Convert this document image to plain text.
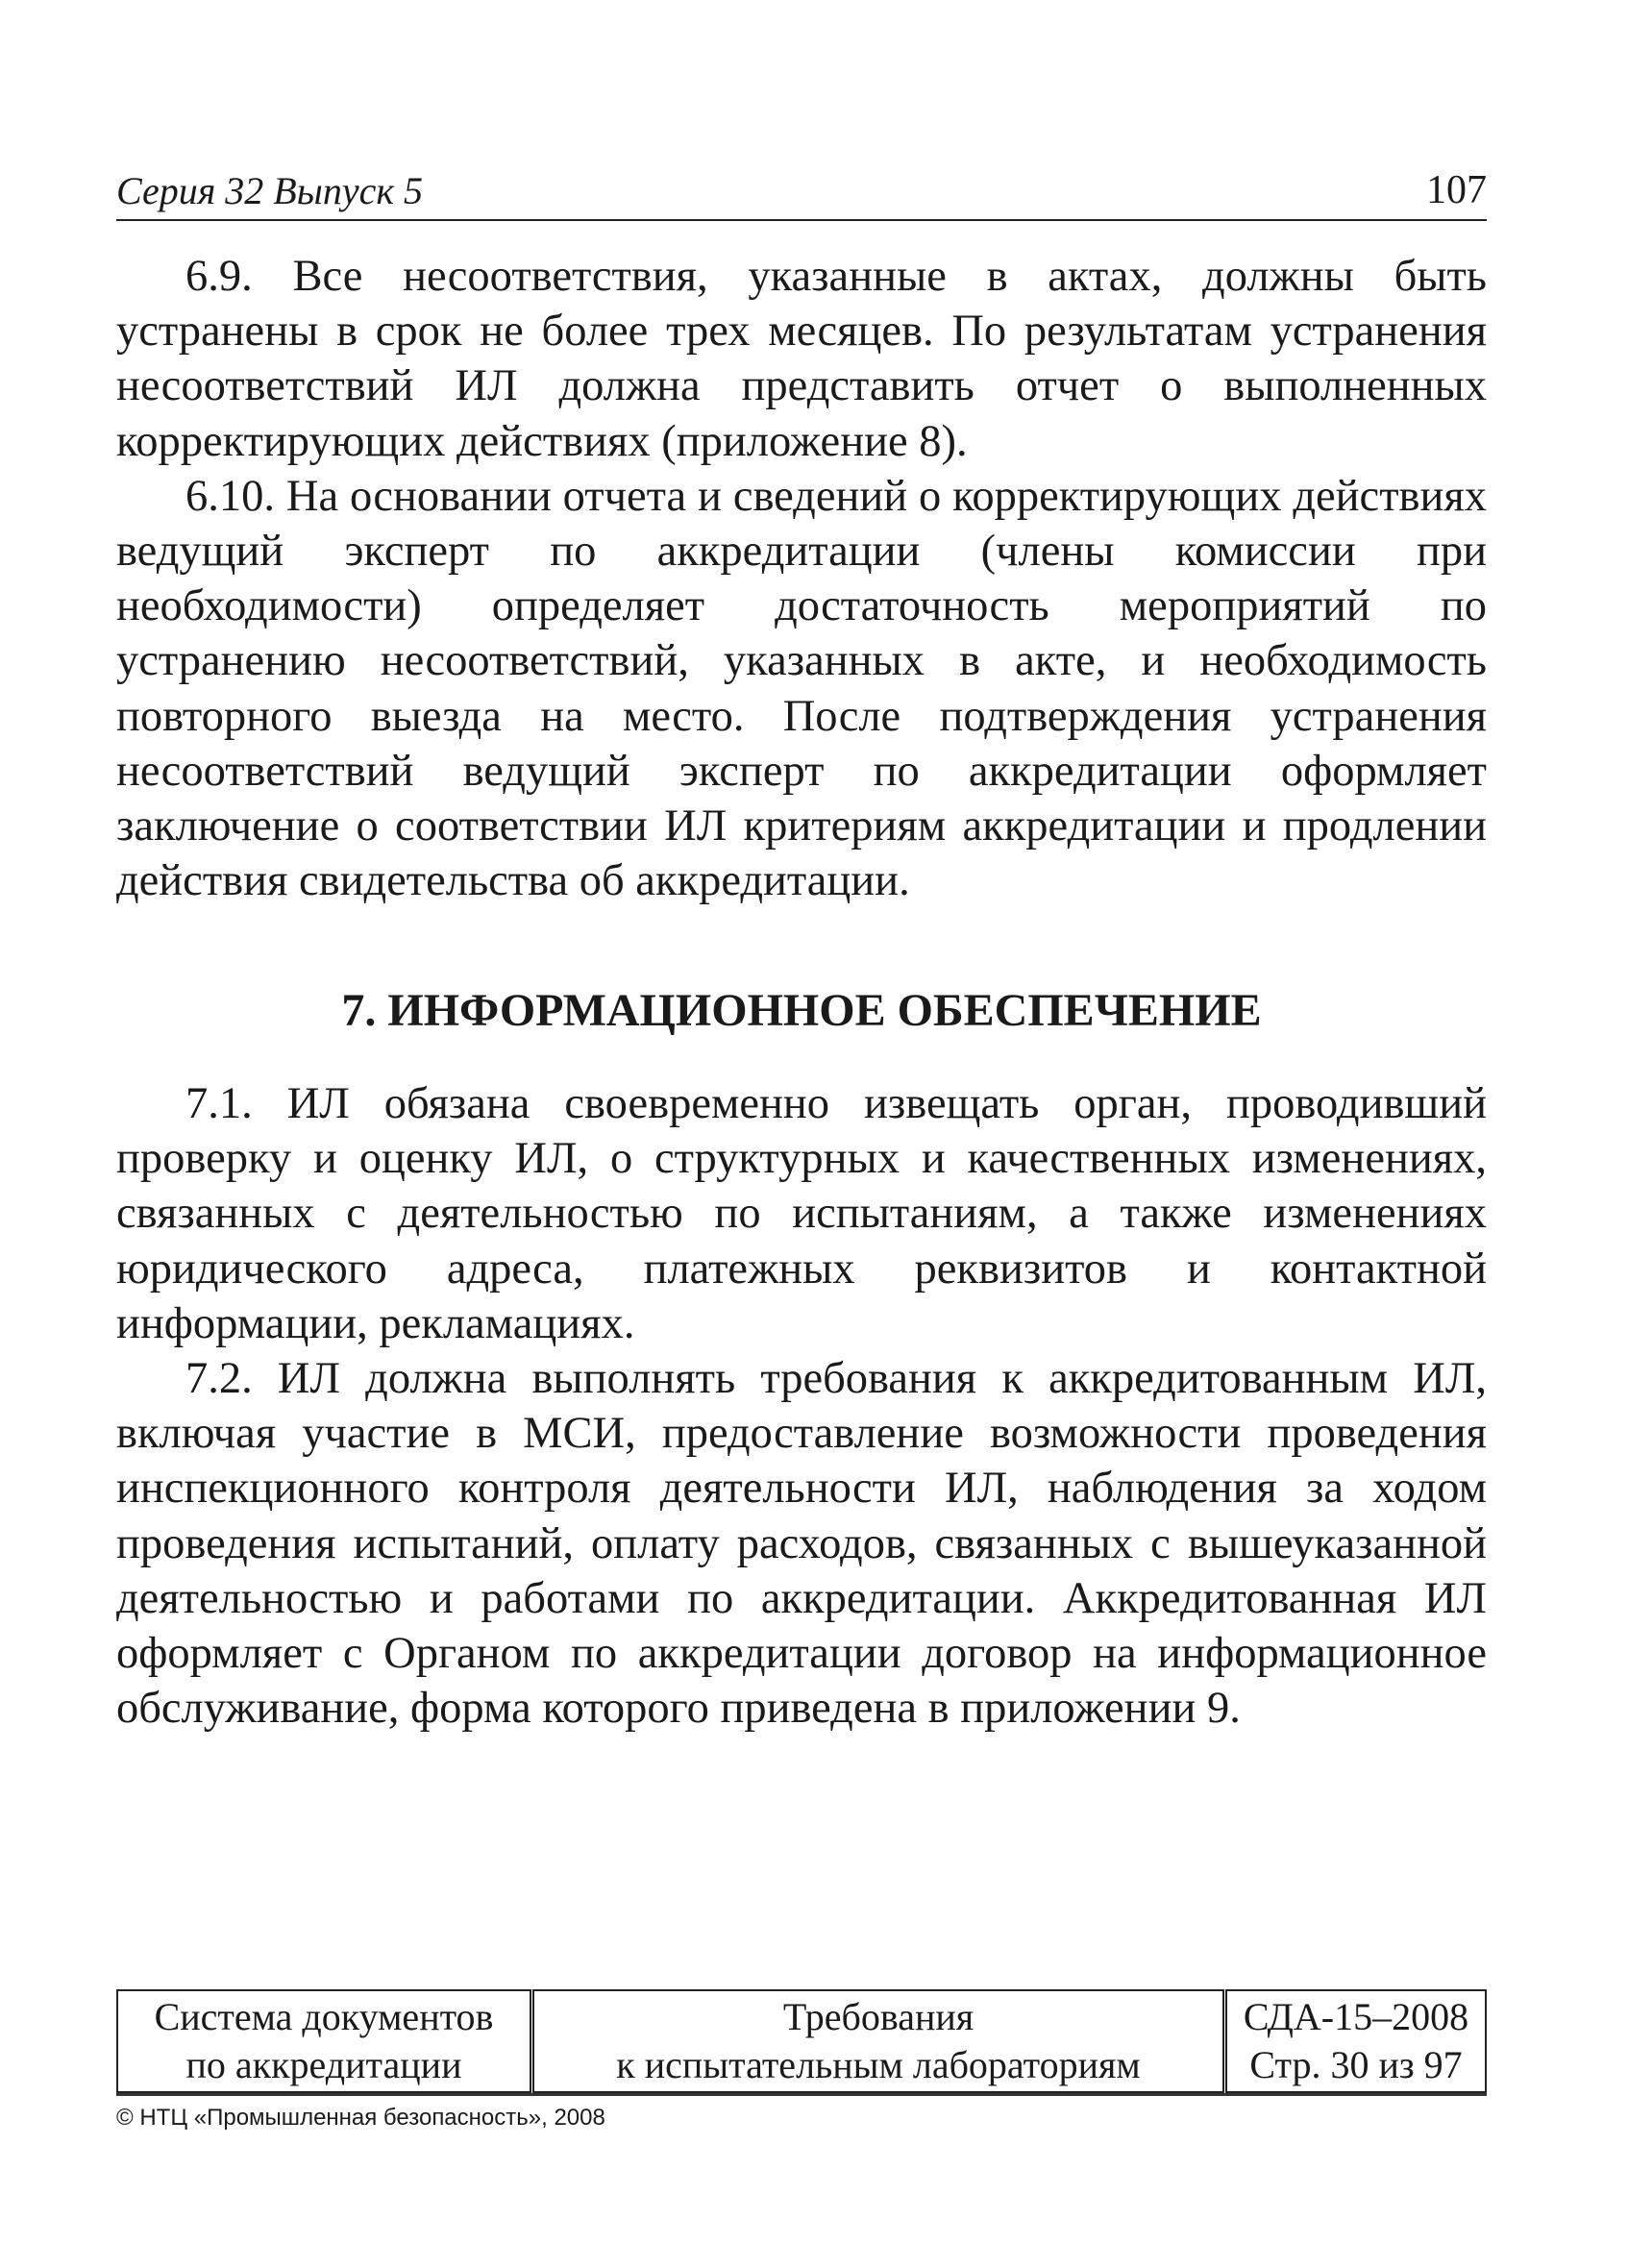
Серия 32 Выпуск 5	107

6.9. Все несоответствия, указанные в актах, должны быть устранены в срок не более трех месяцев. По результатам устранения несоответствий ИЛ должна представить отчет о выполненных корректирующих действиях (приложение 8).

6.10. На основании отчета и сведений о корректирующих действиях ведущий эксперт по аккредитации (члены комиссии при необходимости) определяет достаточность мероприятий по устранению несоответствий, указанных в акте, и необходимость повторного выезда на место. После подтверждения устранения несоответствий ведущий эксперт по аккредитации оформляет заключение о соответствии ИЛ критериям аккредитации и продлении действия свидетельства об аккредитации.

7. ИНФОРМАЦИОННОЕ ОБЕСПЕЧЕНИЕ

7.1. ИЛ обязана своевременно извещать орган, проводивший проверку и оценку ИЛ, о структурных и качественных изменениях, связанных с деятельностью по испытаниям, а также изменениях юридического адреса, платежных реквизитов и контактной информации, рекламациях.

7.2. ИЛ должна выполнять требования к аккредитованным ИЛ, включая участие в МСИ, предоставление возможности проведения инспекционного контроля деятельности ИЛ, наблюдения за ходом проведения испытаний, оплату расходов, связанных с вышеуказанной деятельностью и работами по аккредитации. Аккредитованная ИЛ оформляет с Органом по аккредитации договор на информационное обслуживание, форма которого приведена в приложении 9.

Система документов
по аккредитации

Требования
к испытательным лабораториям

СДА-15–2008
Стр. 30 из 97
© НТЦ «Промышленная безопасность», 2008
